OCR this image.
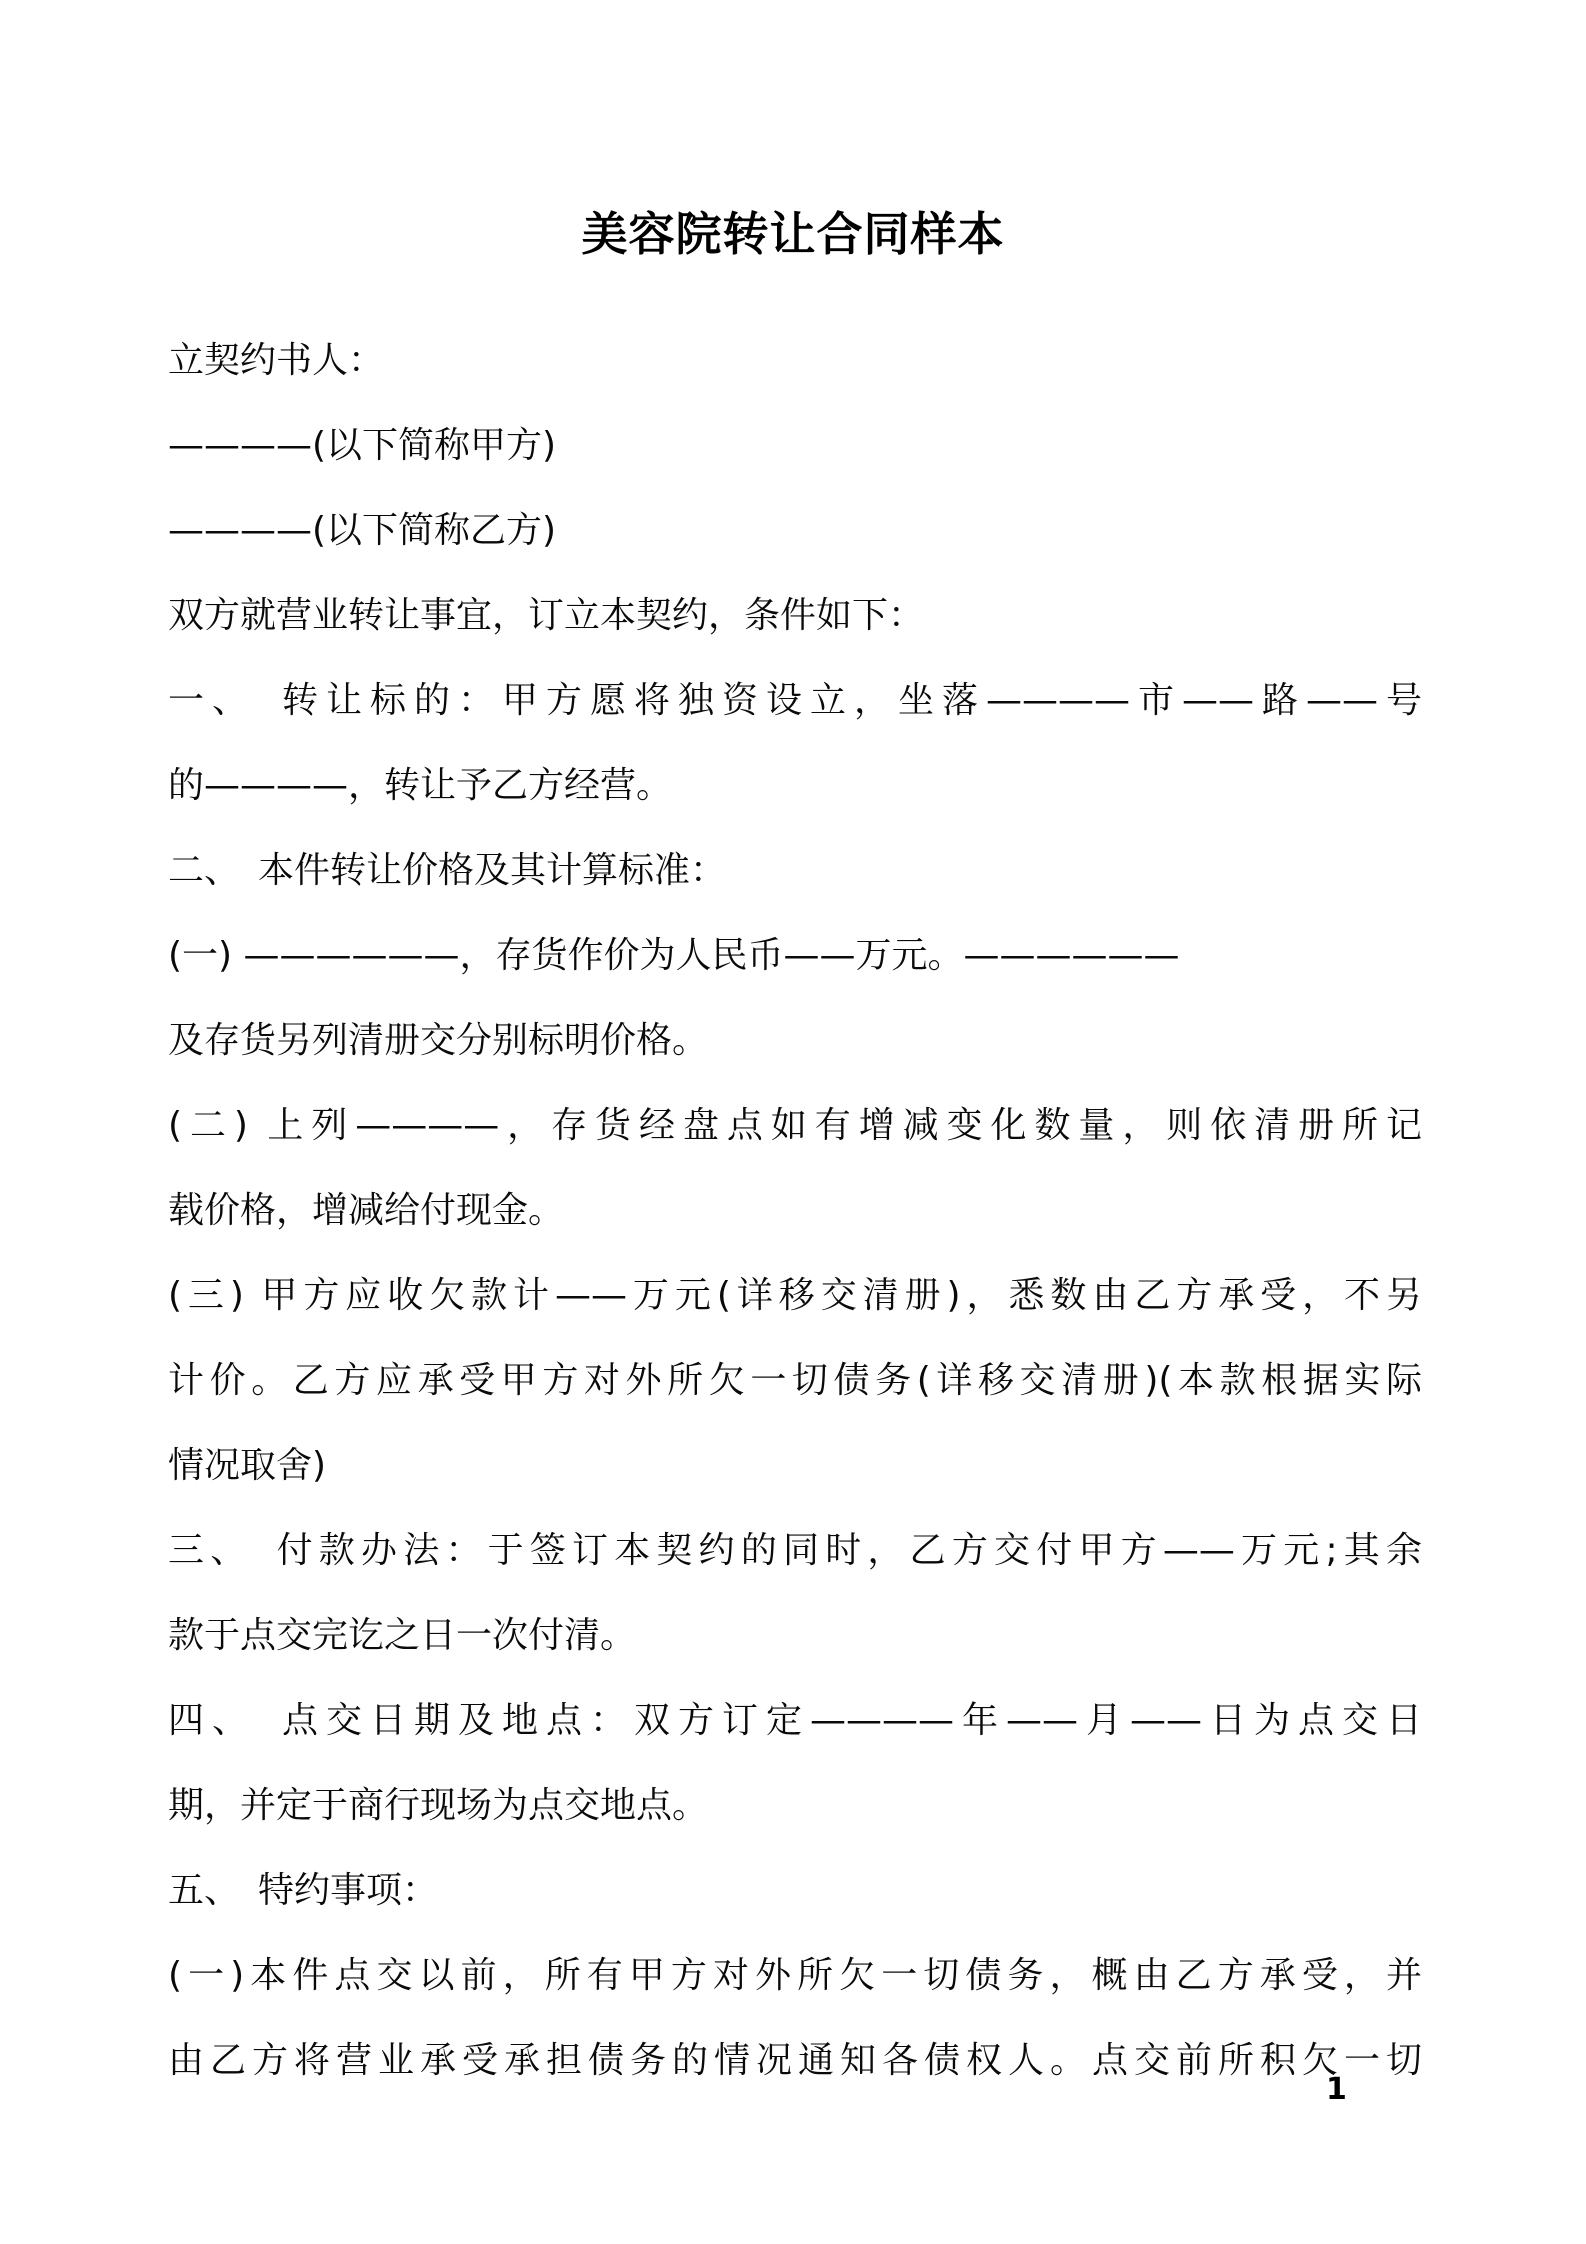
美容院转让合同样本
立契约书人：
————(以下简称甲方)
————(以下简称乙方)
双方就营业转让事宜，订立本契约，条件如下：
一、　转让标的：甲方愿将独资设立，坐落————市——路——号
的————，转让予乙方经营。
二、　本件转让价格及其计算标准：
(一) ——————，存货作价为人民币——万元。——————
及存货另列清册交分别标明价格。
(二) 上列————，存货经盘点如有增减变化数量，则依清册所记
载价格，增减给付现金。
(三) 甲方应收欠款计——万元(详移交清册)，悉数由乙方承受，不另
计价。乙方应承受甲方对外所欠一切债务(详移交清册)(本款根据实际
情况取舍)
三、　付款办法：于签订本契约的同时，乙方交付甲方——万元;其余
款于点交完讫之日一次付清。
四、　点交日期及地点：双方订定————年——月——日为点交日
期，并定于商行现场为点交地点。
五、　特约事项：
(一)本件点交以前，所有甲方对外所欠一切债务，概由乙方承受，并
由乙方将营业承受承担债务的情况通知各债权人。点交前所积欠一切
1
